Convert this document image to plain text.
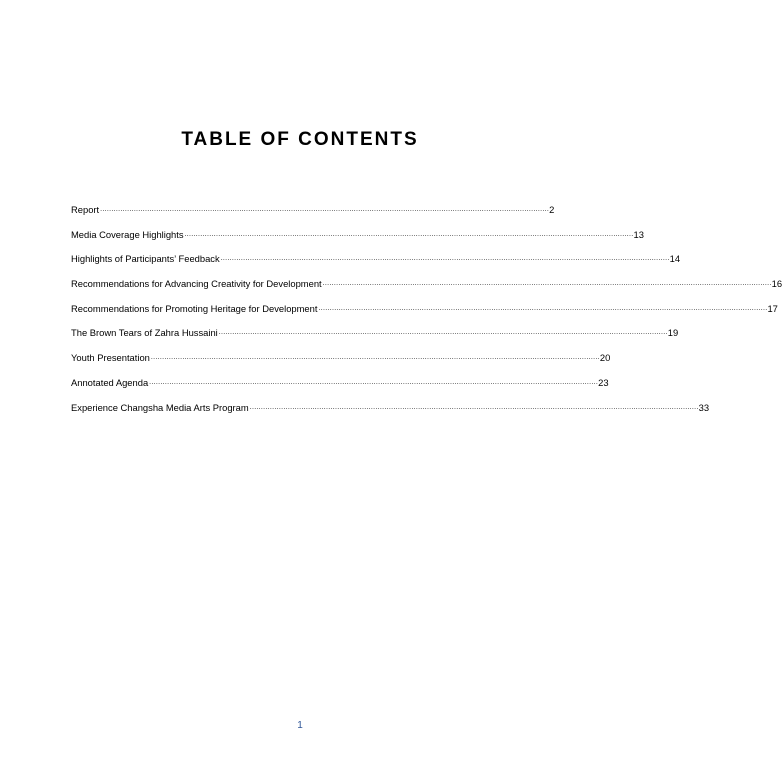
TABLE OF CONTENTS
Report ........................................................................................................................................................................................................ 2
Media Coverage Highlights ........................................................................................................................................................................................................ 13
Highlights of Participants’ Feedback ........................................................................................................................................................................................................ 14
Recommendations for Advancing Creativity for Development ........................................................................................................................................................................................................ 16
Recommendations for Promoting Heritage for Development ........................................................................................................................................................................................................ 17
The Brown Tears of Zahra Hussaini ........................................................................................................................................................................................................ 19
Youth Presentation ........................................................................................................................................................................................................ 20
Annotated Agenda ........................................................................................................................................................................................................ 23
Experience Changsha Media Arts Program ........................................................................................................................................................................................................ 33
1
